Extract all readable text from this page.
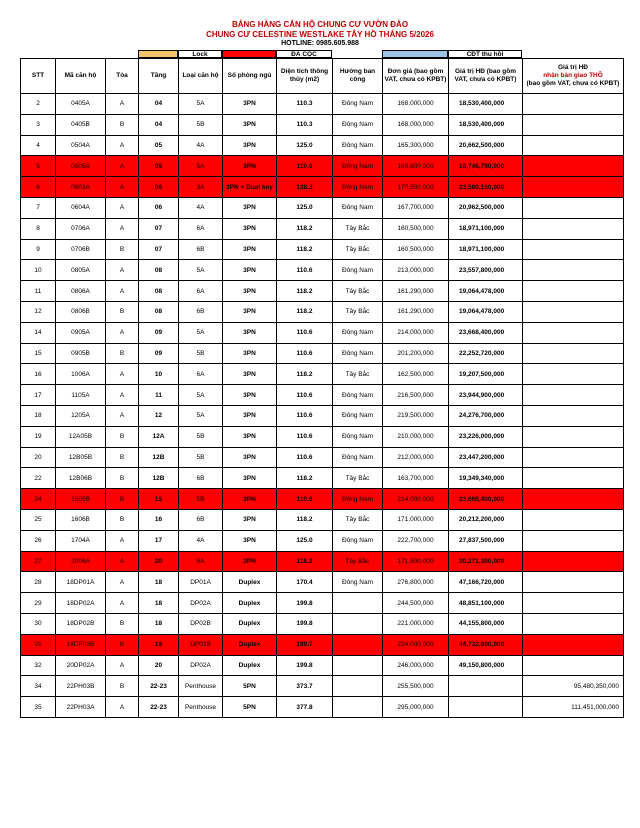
BẢNG HÀNG CĂN HỘ CHUNG CƯ VƯỜN ĐÀO
CHUNG CƯ CELESTINE WESTLAKE TÂY HỒ THÁNG 5/2026
HOTLINE: 0985.605.988
Lock	ĐÃ CỌC	CĐT thu hồi
STT	Mã căn hộ	Tòa	Tầng	Loại căn hộ	Số phòng ngủ	Diện tích thông thủy (m2)	Hướng ban công	Đơn giá (bao gồm VAT, chưa có KPBT)	Giá trị HĐ (bao gồm VAT, chưa có KPBT)	Giá trị HĐ
nhận bàn giao THÔ
(bao gồm VAT, chưa có KPBT)

2	0405A	A	04	5A	3PN	110.3	Đông Nam	168,000,000	18,530,400,000	
3	0405B	B	04	5B	3PN	110.3	Đông Nam	168,000,000	18,530,400,000	
4	0504A	A	05	4A	3PN	125.0	Đông Nam	165,300,000	20,662,500,000	
5	0505A	A	05	5A	3PN	110.6	Đông Nam	169,600,000	18,746,780,000	
6	0603A	A	06	3A	3PN + Dual key	138.3	Đông Nam	170,500,000	23,580,150,000	
7	0604A	A	06	4A	3PN	125.0	Đông Nam	167,700,000	20,962,500,000	
8	0706A	A	07	6A	3PN	118.2	Tây Bắc	160,500,000	18,971,100,000	
9	0706B	B	07	6B	3PN	118.2	Tây Bắc	160,500,000	18,971,100,000	
10	0805A	A	08	5A	3PN	110.6	Đông Nam	213,000,000	23,557,800,000	
11	0806A	A	08	6A	3PN	118.2	Tây Bắc	161,290,000	19,064,478,000	
12	0806B	B	08	6B	3PN	118.2	Tây Bắc	161,290,000	19,064,478,000	
14	0905A	A	09	5A	3PN	110.6	Đông Nam	214,000,000	23,668,400,000	
15	0905B	B	09	5B	3PN	110.6	Đông Nam	201,200,000	22,252,720,000	
16	1006A	A	10	6A	3PN	118.2	Tây Bắc	162,500,000	19,207,500,000	
17	1105A	A	11	5A	3PN	110.6	Đông Nam	216,500,000	23,944,900,000	
18	1205A	A	12	5A	3PN	110.6	Đông Nam	219,500,000	24,276,700,000	
19	12A05B	B	12A	5B	3PN	110.6	Đông Nam	210,000,000	23,226,000,000	
20	12B05B	B	12B	5B	3PN	110.6	Đông Nam	212,000,000	23,447,200,000	
22	12B06B	B	12B	6B	3PN	118.2	Tây Bắc	163,700,000	19,349,340,000	
24	1505B	B	15	5B	3PN	110.6	Đông Nam	214,000,000	23,668,400,000	
25	1606B	B	16	6B	3PN	118.2	Tây Bắc	171,000,000	20,212,200,000	
26	1704A	A	17	4A	3PN	125.0	Đông Nam	222,700,000	27,837,500,000	
27	2006A	A	20	6A	3PN	118.2	Tây Bắc	171,500,000	20,271,300,000	
28	18DP01A	A	18	DP01A	Duplex	170.4	Đông Nam	276,800,000	47,166,720,000	
29	18DP02A	A	18	DP02A	Duplex	199.8		244,500,000	48,851,100,000	
30	18DP02B	B	18	DP02B	Duplex	199.8		221,000,000	44,155,800,000	
31	18DP03B	B	18	DP03B	Duplex	199.7		224,000,000	44,732,800,000	
32	20DP02A	A	20	DP02A	Duplex	199.8		246,000,000	49,150,800,000	
34	22PH03B	B	22-23	Penthouse	5PN	373.7		255,500,000		95,480,350,000
35	22PH03A	A	22-23	Penthouse	5PN	377.8		295,000,000		111,451,000,000
